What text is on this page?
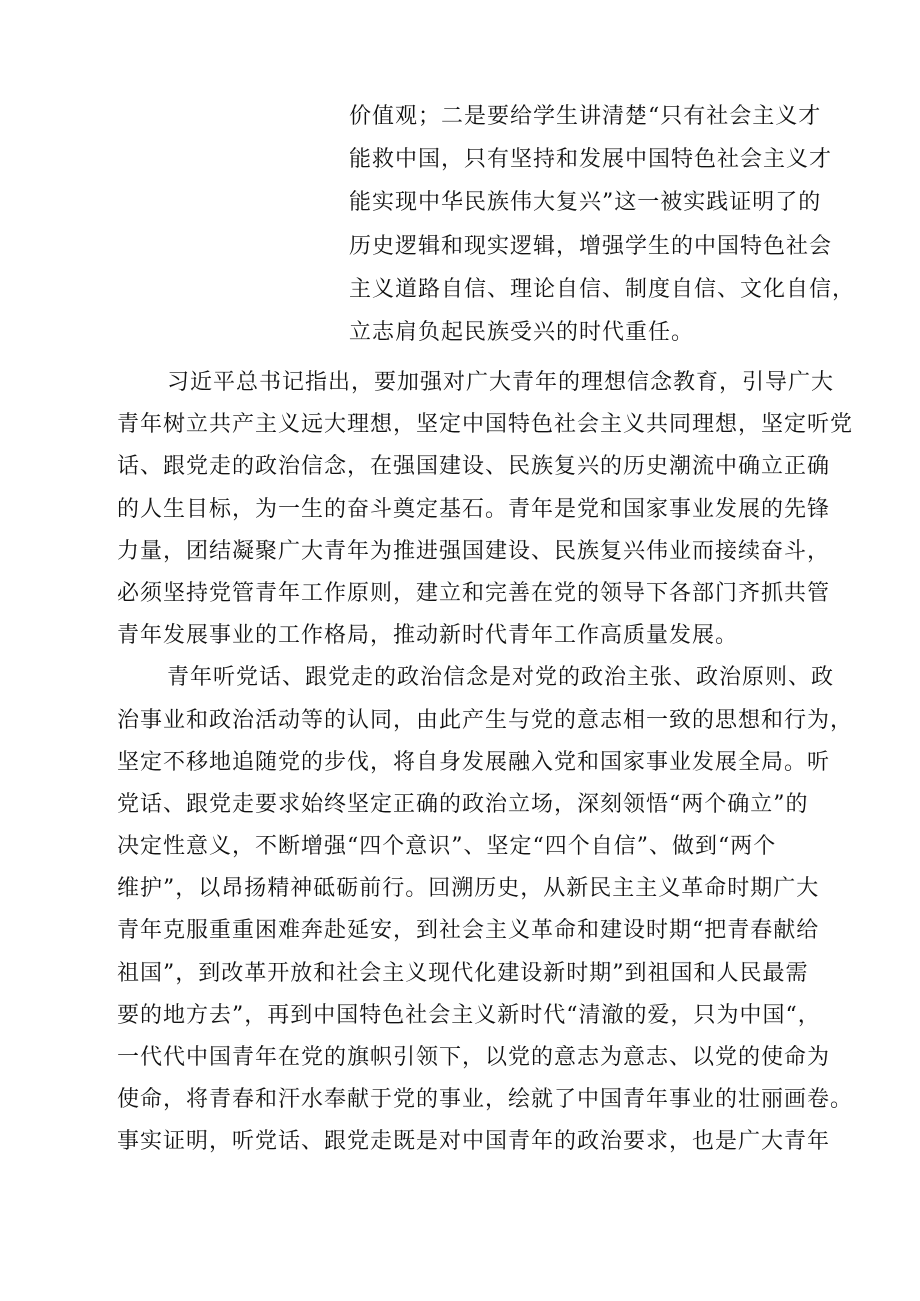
价值观；二是要给学生讲清楚“只有社会主义才
能救中国，只有坚持和发展中国特色社会主义才
能实现中华民族伟大复兴”这一被实践证明了的
历史逻辑和现实逻辑，增强学生的中国特色社会
主义道路自信、理论自信、制度自信、文化自信，
立志肩负起民族受兴的时代重任。
习近平总书记指出，要加强对广大青年的理想信念教育，引导广大
青年树立共产主义远大理想，坚定中国特色社会主义共同理想，坚定听党
话、跟党走的政治信念，在强国建设、民族复兴的历史潮流中确立正确
的人生目标，为一生的奋斗奠定基石。青年是党和国家事业发展的先锋
力量，团结凝聚广大青年为推进强国建设、民族复兴伟业而接续奋斗，
必须坚持党管青年工作原则，建立和完善在党的领导下各部门齐抓共管
青年发展事业的工作格局，推动新时代青年工作高质量发展。
青年听党话、跟党走的政治信念是对党的政治主张、政治原则、政
治事业和政治活动等的认同，由此产生与党的意志相一致的思想和行为，
坚定不移地追随党的步伐，将自身发展融入党和国家事业发展全局。听
党话、跟党走要求始终坚定正确的政治立场，深刻领悟“两个确立”的
决定性意义，不断增强“四个意识”、坚定“四个自信”、做到“两个
维护”，以昂扬精神砥砺前行。回溯历史，从新民主主义革命时期广大
青年克服重重困难奔赴延安，到社会主义革命和建设时期“把青春献给
祖国”，到改革开放和社会主义现代化建设新时期”到祖国和人民最需
要的地方去”，再到中国特色社会主义新时代“清澈的爱，只为中国“，
一代代中国青年在党的旗帜引领下，以党的意志为意志、以党的使命为
使命，将青春和汗水奉献于党的事业，绘就了中国青年事业的壮丽画卷。
事实证明，听党话、跟党走既是对中国青年的政治要求，也是广大青年
